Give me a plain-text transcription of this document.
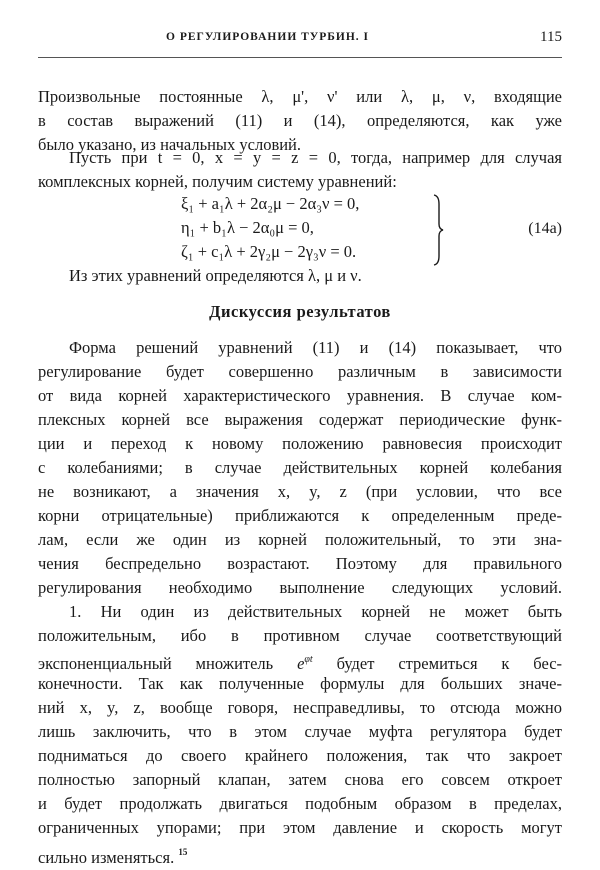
О РЕГУЛИРОВАНИИ ТУРБИН. I	115
Произвольные постоянные λ, μ', ν' или λ, μ, ν, входящие
в состав выражений (11) и (14), определяются, как уже
было указано, из начальных условий.
Пусть при t = 0, x = y = z = 0, тогда, например для случая
комплексных корней, получим систему уравнений:
ξ₁ + a₁λ + 2α₂μ − 2α₃ν = 0,
η₁ + b₁λ − 2α₀μ = 0,
ζ₁ + c₁λ + 2γ₂μ − 2γ₃ν = 0.
(14a)
Из этих уравнений определяются λ, μ и ν.
Дискуссия результатов
Форма решений уравнений (11) и (14) показывает, что
регулирование будет совершенно различным в зависимости
от вида корней характеристического уравнения. В случае ком-
плексных корней все выражения содержат периодические функ-
ции и переход к новому положению равновесия происходит
с колебаниями; в случае действительных корней колебания
не возникают, а значения x, y, z (при условии, что все
корни отрицательные) приближаются к определенным преде-
лам, если же один из корней положительный, то эти зна-
чения беспредельно возрастают. Поэтому для правильного
регулирования необходимо выполнение следующих условий.
1. Ни один из действительных корней не может быть
положительным, ибо в противном случае соответствующий
экспоненциальный множитель $e^{\varphi t}$ будет стремиться к бес-
конечности. Так как полученные формулы для больших значе-
ний x, y, z, вообще говоря, несправедливы, то отсюда можно
лишь заключить, что в этом случае муфта регулятора будет
подниматься до своего крайнего положения, так что закроет
полностью запорный клапан, затем снова его совсем откроет
и будет продолжать двигаться подобным образом в пределах,
ограниченных упорами; при этом давление и скорость могут
сильно изменяться. $^{15}$
